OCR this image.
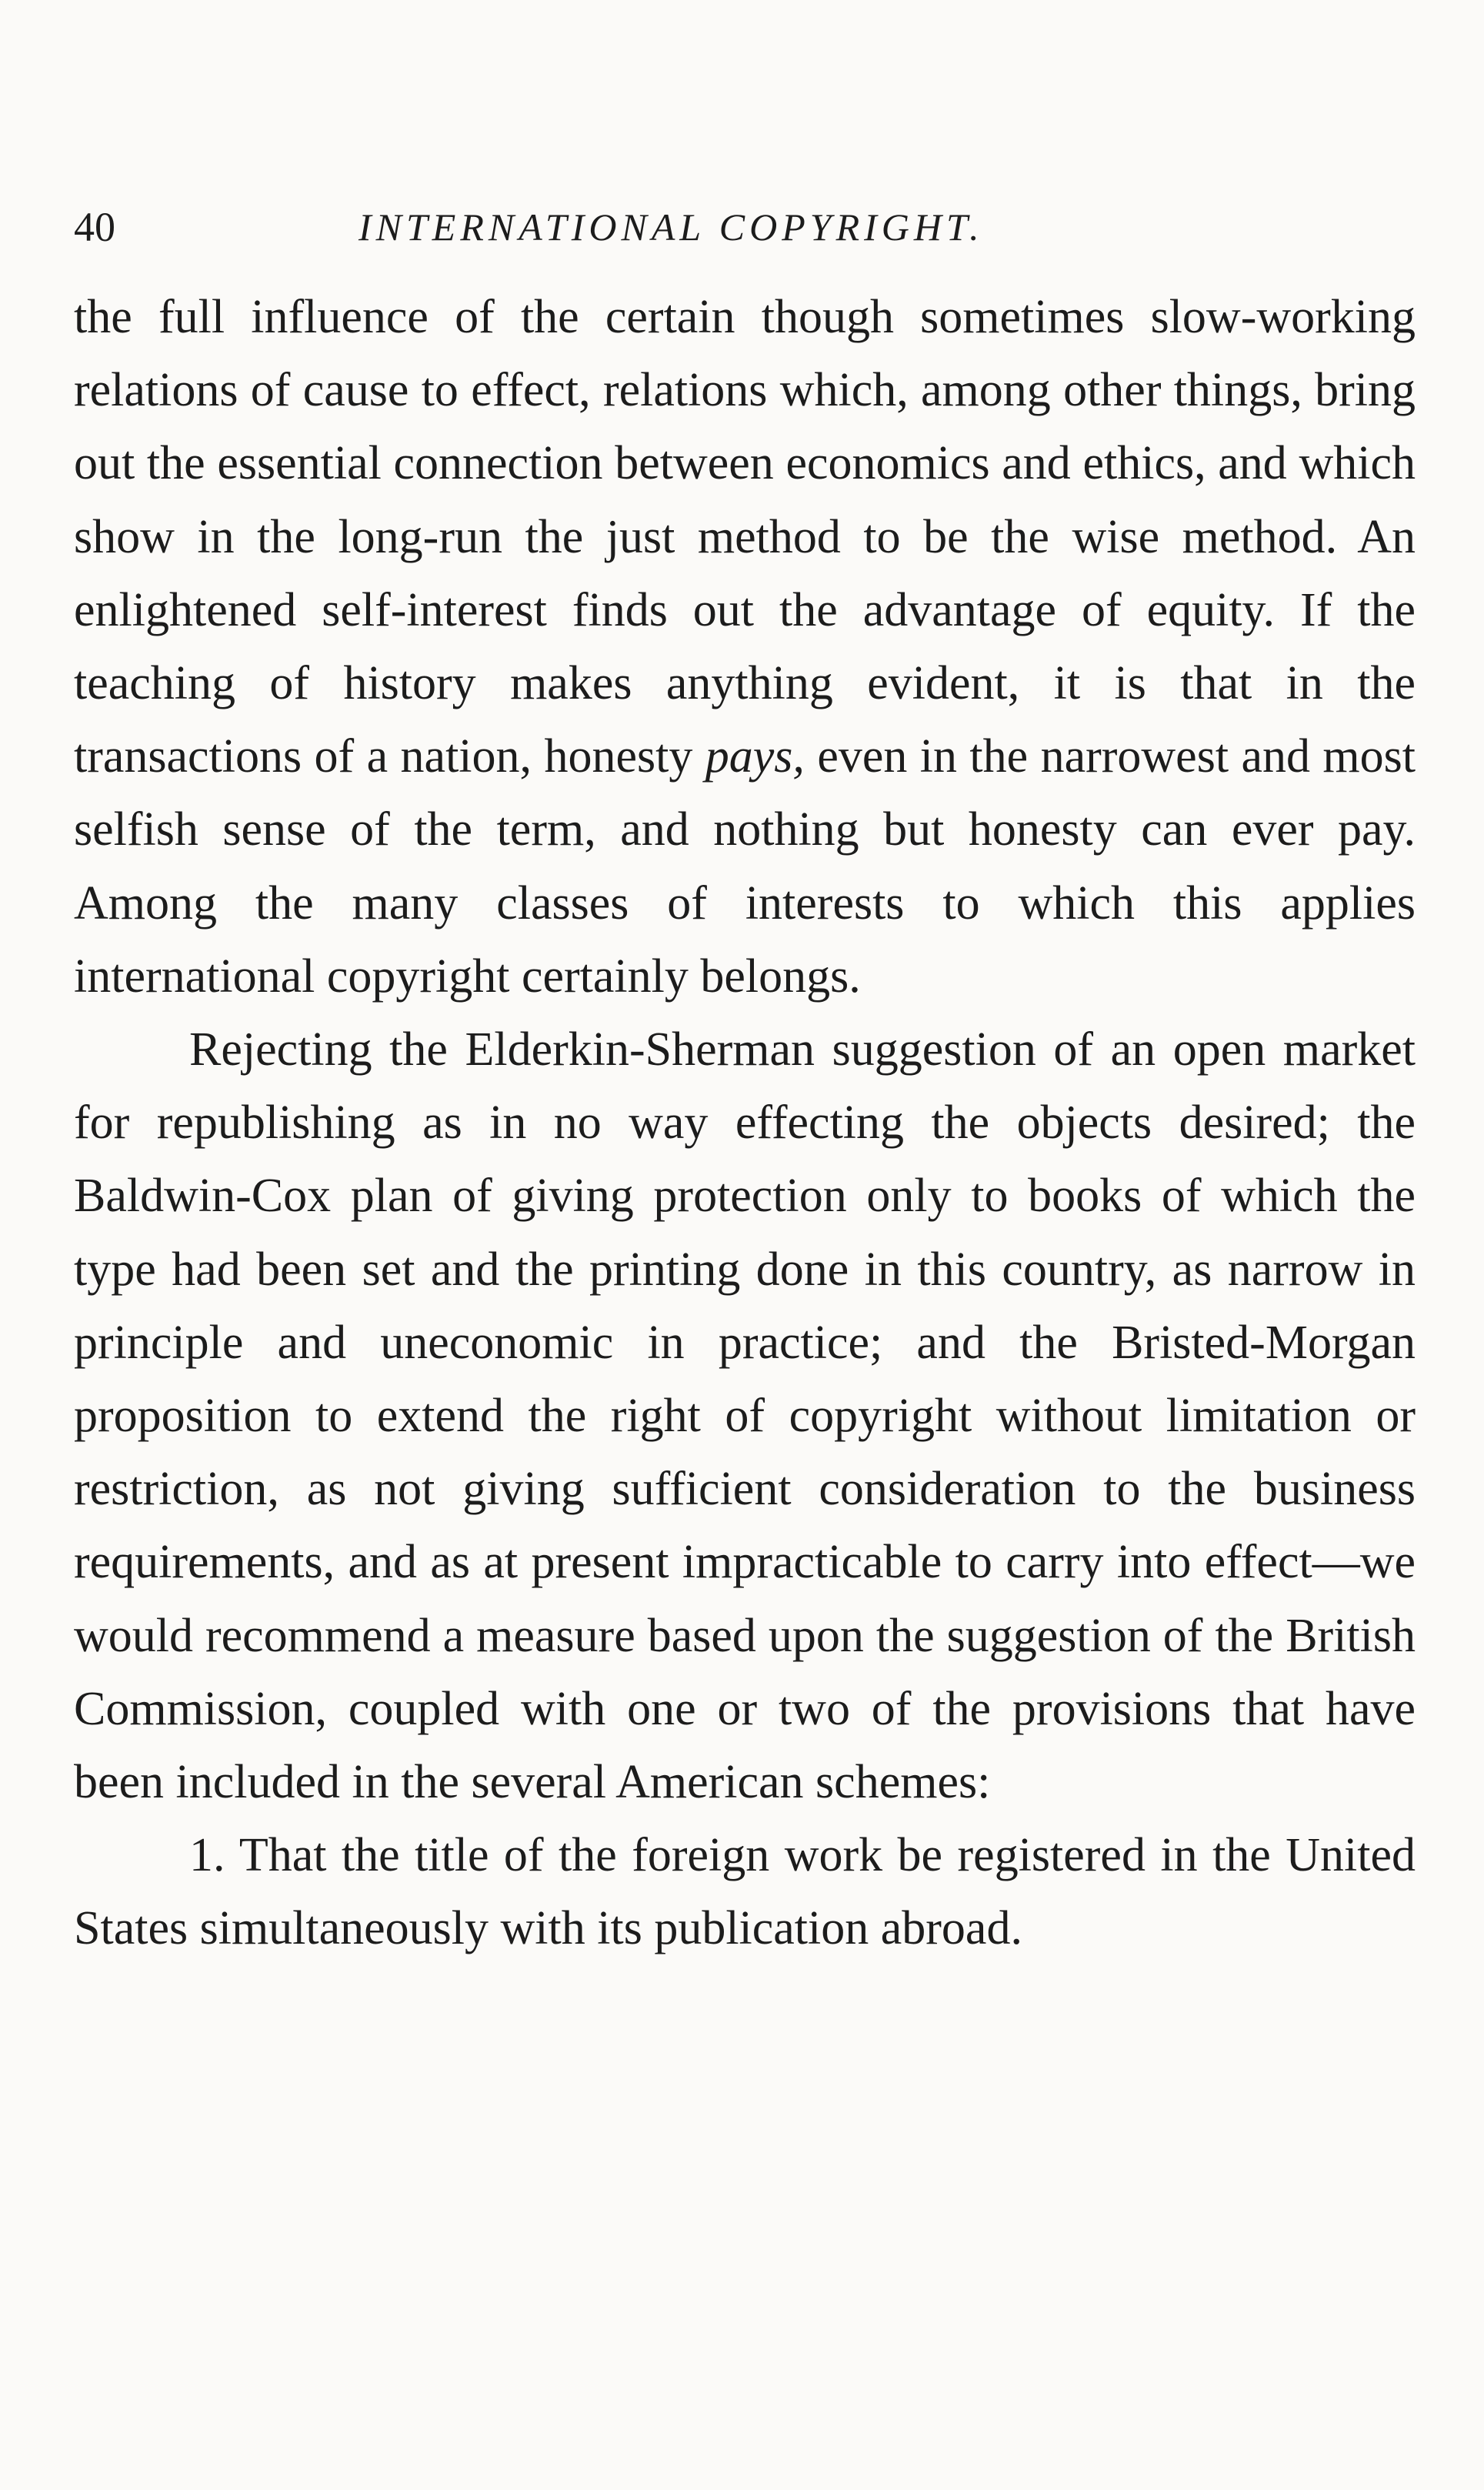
40	INTERNATIONAL COPYRIGHT.

the full influence of the certain though sometimes slow-working relations of cause to effect, relations which, among other things, bring out the essential connection between economics and ethics, and which show in the long-run the just method to be the wise method. An enlightened self-interest finds out the advantage of equity. If the teaching of history makes anything evident, it is that in the transactions of a nation, honesty pays, even in the narrowest and most selfish sense of the term, and nothing but honesty can ever pay. Among the many classes of interests to which this applies international copyright certainly belongs.

Rejecting the Elderkin-Sherman suggestion of an open market for republishing as in no way effecting the objects desired; the Baldwin-Cox plan of giving protection only to books of which the type had been set and the printing done in this country, as narrow in principle and uneconomic in practice; and the Bristed-Morgan proposition to extend the right of copyright without limitation or restriction, as not giving sufficient consideration to the business requirements, and as at present impracticable to carry into effect—we would recommend a measure based upon the suggestion of the British Commission, coupled with one or two of the provisions that have been included in the several American schemes:

1. That the title of the foreign work be registered in the United States simultaneously with its publication abroad.
